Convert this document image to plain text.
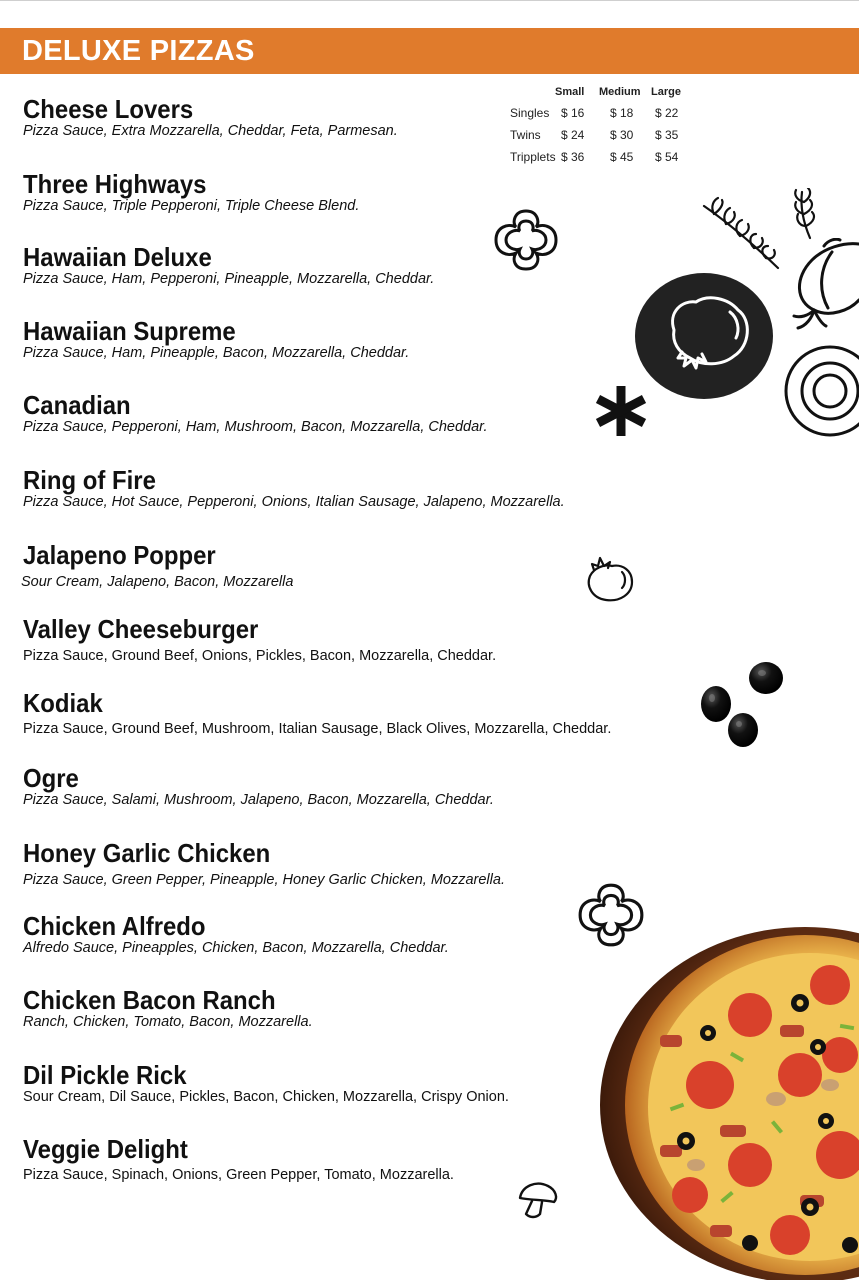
DELUXE PIZZAS
Small Medium Large
Singles $ 16 $ 18 $ 22
Twins $ 24 $ 30 $ 35
Tripplets $ 36 $ 45 $ 54
Cheese Lovers
Pizza Sauce, Extra Mozzarella, Cheddar, Feta, Parmesan.
Three Highways
Pizza Sauce, Triple Pepperoni, Triple Cheese Blend.
Hawaiian Deluxe
Pizza Sauce, Ham, Pepperoni, Pineapple, Mozzarella, Cheddar.
Hawaiian Supreme
Pizza Sauce, Ham, Pineapple, Bacon, Mozzarella, Cheddar.
Canadian
Pizza Sauce, Pepperoni, Ham, Mushroom, Bacon, Mozzarella, Cheddar.
Ring of Fire
Pizza Sauce, Hot Sauce, Pepperoni, Onions, Italian Sausage, Jalapeno, Mozzarella.
Jalapeno Popper
Sour Cream, Jalapeno, Bacon, Mozzarella
Valley Cheeseburger
Pizza Sauce, Ground Beef, Onions, Pickles, Bacon, Mozzarella, Cheddar.
Kodiak
Pizza Sauce, Ground Beef, Mushroom, Italian Sausage, Black Olives, Mozzarella, Cheddar.
Ogre
Pizza Sauce, Salami, Mushroom, Jalapeno, Bacon, Mozzarella, Cheddar.
Honey Garlic Chicken
Pizza Sauce, Green Pepper, Pineapple, Honey Garlic Chicken, Mozzarella.
Chicken Alfredo
Alfredo Sauce, Pineapples, Chicken, Bacon, Mozzarella, Cheddar.
Chicken Bacon Ranch
Ranch, Chicken, Tomato, Bacon, Mozzarella.
Dil Pickle Rick
Sour Cream, Dil Sauce, Pickles, Bacon, Chicken, Mozzarella, Crispy Onion.
Veggie Delight
Pizza Sauce, Spinach, Onions, Green Pepper, Tomato, Mozzarella.
